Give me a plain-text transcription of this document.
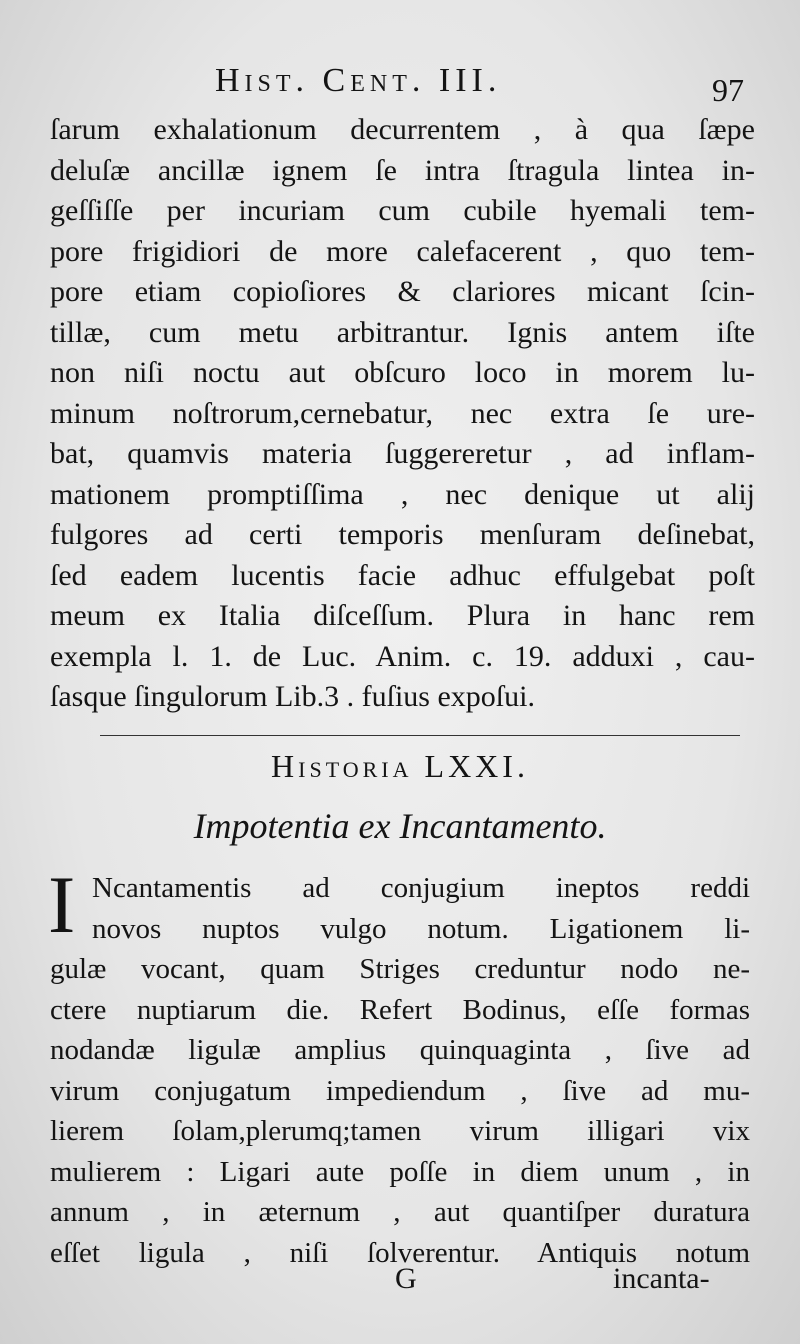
Hist. Cent. III.	97
ſarum exhalationum decurrentem , à qua ſæpe
deluſæ ancillæ ignem ſe intra ſtragula lintea in-
geſſiſſe per incuriam cum cubile hyemali tem-
pore frigidiori de more calefacerent , quo tem-
pore etiam copioſiores & clariores micant ſcin-
tillæ, cum metu arbitrantur. Ignis antem iſte
non niſi noctu aut obſcuro loco in morem lu-
minum noſtrorum,cernebatur, nec extra ſe ure-
bat, quamvis materia ſuggereretur , ad inflam-
mationem promptiſſima , nec denique ut alij
fulgores ad certi temporis menſuram deſinebat,
ſed eadem lucentis facie adhuc effulgebat poſt
meum ex Italia diſceſſum. Plura in hanc rem
exempla l. 1. de Luc. Anim. c. 19. adduxi , cau-
ſasque ſingulorum Lib.3 . fuſius expoſui.
Historia LXXI.
Impotentia ex Incantamento.
I Ncantamentis ad conjugium ineptos reddi
novos nuptos vulgo notum. Ligationem li-
gulæ vocant, quam Striges creduntur nodo ne-
ctere nuptiarum die. Refert Bodinus, eſſe formas
nodandæ ligulæ amplius quinquaginta , ſive ad
virum conjugatum impediendum , ſive ad mu-
lierem ſolam,plerumq;tamen virum illigari vix
mulierem : Ligari aute poſſe in diem unum , in
annum , in æternum , aut quantiſper duratura
eſſet ligula , niſi ſolverentur. Antiquis notum
G	incanta-
